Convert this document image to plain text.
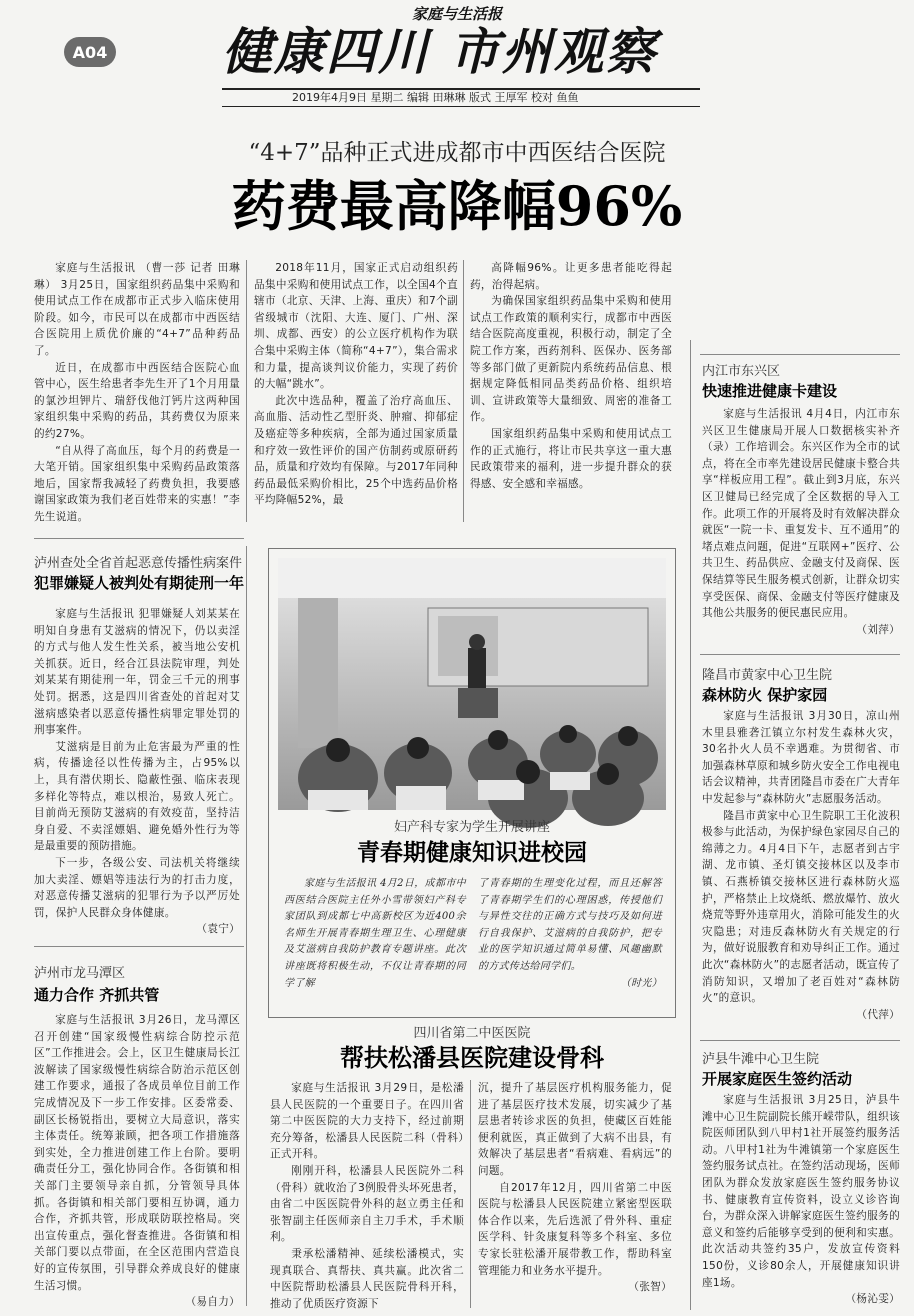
家庭与生活报
A04 健康四川 市州观察
2019年4月9日 星期二 编辑 田琳琳 版式 王厚军 校对 鱼鱼
“4+7”品种正式进成都市中西医结合医院
药费最高降幅96%

家庭与生活报讯 （曹一莎 记者 田琳琳） 3月25日，国家组织药品集中采购和使用试点工作在成都市正式步入临床使用阶段。如今，市民可以在成都市中西医结合医院用上质优价廉的“4+7”品种药品了。

近日，在成都市中西医结合医院心血管中心，医生给患者李先生开了1个月用量的氯沙坦钾片、瑞舒伐他汀钙片这两种国家组织集中采购的药品，其药费仅为原来的约27%。

“自从得了高血压，每个月的药费是一大笔开销。国家组织集中采购药品政策落地后，国家帮我减轻了药费负担，我要感谢国家政策为我们老百姓带来的实惠！”李先生说道。

2018年11月，国家正式启动组织药品集中采购和使用试点工作，以全国4个直辖市（北京、天津、上海、重庆）和7个副省级城市（沈阳、大连、厦门、广州、深圳、成都、西安）的公立医疗机构作为联合集中采购主体（简称“4+7”），集合需求和力量，提高谈判议价能力，实现了药价的大幅“跳水”。

此次中选品种，覆盖了治疗高血压、高血脂、活动性乙型肝炎、肿瘤、抑郁症及癌症等多种疾病，全部为通过国家质量和疗效一致性评价的国产仿制药或原研药品，质量和疗效均有保障。与2017年同种药品最低采购价相比，25个中选药品价格平均降幅52%，最

高降幅96%。让更多患者能吃得起药，治得起病。

为确保国家组织药品集中采购和使用试点工作政策的顺利实行，成都市中西医结合医院高度重视，积极行动，制定了全院工作方案，西药剂科、医保办、医务部等多部门做了更新院内系统药品信息、根据规定降低相同品类药品价格、组织培训、宣讲政策等大量细致、周密的准备工作。

国家组织药品集中采购和使用试点工作的正式施行，将让市民共享这一重大惠民政策带来的福利，进一步提升群众的获得感、安全感和幸福感。

泸州查处全省首起恶意传播性病案件
犯罪嫌疑人被判处有期徒刑一年

家庭与生活报讯 犯罪嫌疑人刘某某在明知自身患有艾滋病的情况下，仍以卖淫的方式与他人发生性关系，被当地公安机关抓获。近日，经合江县法院审理，判处刘某某有期徒刑一年，罚金三千元的刑事处罚。据悉，这是四川省查处的首起对艾滋病感染者以恶意传播性病罪定罪处罚的刑事案件。

艾滋病是目前为止危害最为严重的性病，传播途径以性传播为主，占95%以上，具有潜伏期长、隐蔽性强、临床表现多样化等特点，难以根治，易致人死亡。目前尚无预防艾滋病的有效疫苗，坚持洁身自爱、不卖淫嫖娼、避免婚外性行为等是最重要的预防措施。

下一步，各级公安、司法机关将继续加大卖淫、嫖娼等违法行为的打击力度，对恶意传播艾滋病的犯罪行为予以严厉处罚，保护人民群众身体健康。

（袁宁）

泸州市龙马潭区
通力合作 齐抓共管

家庭与生活报讯 3月26日，龙马潭区召开创建“国家级慢性病综合防控示范区”工作推进会。会上，区卫生健康局长江波解读了国家级慢性病综合防治示范区创建工作要求，通报了各成员单位目前工作完成情况及下一步工作安排。区委常委、副区长杨锐指出，要树立大局意识，落实主体责任。统筹兼顾，把各项工作措施落到实处，全力推进创建工作上台阶。要明确责任分工，强化协同合作。各街镇和相关部门主要领导亲自抓，分管领导具体抓。各街镇和相关部门要相互协调，通力合作，齐抓共管，形成联防联控格局。突出宣传重点，强化督查推进。各街镇和相关部门要以点带面，在全区范围内营造良好的宣传氛围，引导群众养成良好的健康生活习惯。

（易自力）

妇产科专家为学生开展讲座
青春期健康知识进校园

家庭与生活报讯 4月2日，成都市中西医结合医院主任外小雪带领妇产科专家团队到成都七中高新校区为近400余名师生开展青春期生理卫生、心理健康及艾滋病自我防护教育专题讲座。此次讲座既将积极生动，不仅让青春期的同学了解

了青春期的生理变化过程，而且还解答了青春期学生们的心理困惑，传授他们与异性交往的正确方式与技巧及如何进行自我保护、艾滋病的自我防护，把专业的医学知识通过简单易懂、风趣幽默的方式传达给同学们。

（时光）

四川省第二中医医院
帮扶松潘县医院建设骨科

家庭与生活报讯 3月29日，是松潘县人民医院的一个重要日子。在四川省第二中医医院的大力支持下，经过前期充分筹备，松潘县人民医院二科（骨科）正式开科。

刚刚开科，松潘县人民医院外二科（骨科）就收治了3例股骨头坏死患者，由省二中医医院骨外科的赵立勇主任和张智副主任医师亲自主刀手术，手术顺利。

秉承松潘精神、延续松潘模式，实现真联合、真帮扶、真共赢。此次省二中医院帮助松潘县人民医院骨科开科，推动了优质医疗资源下

沉，提升了基层医疗机构服务能力，促进了基层医疗技术发展，切实减少了基层患者转诊求医的负担，使藏区百姓能便利就医，真正做到了大病不出县，有效解决了基层患者“看病难、看病远”的问题。

自2017年12月，四川省第二中医医院与松潘县人民医院建立紧密型医联体合作以来，先后选派了骨外科、重症医学科、针灸康复科等多个科室、多位专家长驻松潘开展带教工作，帮助科室管理能力和业务水平提升。

（张智）

内江市东兴区
快速推进健康卡建设

家庭与生活报讯 4月4日，内江市东兴区卫生健康局开展人口数据核实补齐（录）工作培训会。东兴区作为全市的试点，将在全市率先建设居民健康卡整合共享“样板应用工程”。截止到3月底，东兴区卫健局已经完成了全区数据的导入工作。此项工作的开展将及时有效解决群众就医“一院一卡、重复发卡、互不通用”的堵点难点问题，促进“互联网+”医疗、公共卫生、药品供应、金融支付及商保、医保结算等民生服务模式创新，让群众切实享受医保、商保、金融支付等医疗健康及其他公共服务的便民惠民应用。

（刘萍）

隆昌市黄家中心卫生院
森林防火 保护家园

家庭与生活报讯 3月30日，凉山州木里县雅砻江镇立尔村发生森林火灾，30名扑火人员不幸遇难。为贯彻省、市加强森林草原和城乡防火安全工作电视电话会议精神，共青团隆昌市委在广大青年中发起参与“森林防火”志愿服务活动。

隆昌市黄家中心卫生院职工王化波积极参与此活动，为保护绿色家园尽自己的绵薄之力。4月4日下午，志愿者到古宇湖、龙市镇、圣灯镇交接林区以及李市镇、石燕桥镇交接林区进行森林防火巡护，严格禁止上坟烧纸、燃放爆竹、放火烧荒等野外违章用火，消除可能发生的火灾隐患；对违反森林防火有关规定的行为，做好说服教育和劝导纠正工作。通过此次“森林防火”的志愿者活动，既宣传了消防知识，又增加了老百姓对“森林防火”的意识。

（代萍）

泸县牛滩中心卫生院
开展家庭医生签约活动

家庭与生活报讯 3月25日，泸县牛滩中心卫生院副院长熊开嵘带队，组织该院医师团队到八甲村1社开展签约服务活动。八甲村1社为牛滩镇第一个家庭医生签约服务试点社。在签约活动现场，医师团队为群众发放家庭医生签约服务协议书、健康教育宣传资料，设立义诊咨询台，为群众深入讲解家庭医生签约服务的意义和签约后能够享受到的便利和实惠。此次活动共签约35户，发放宣传资料150份，义诊80余人，开展健康知识讲座1场。

（杨沁雯）
